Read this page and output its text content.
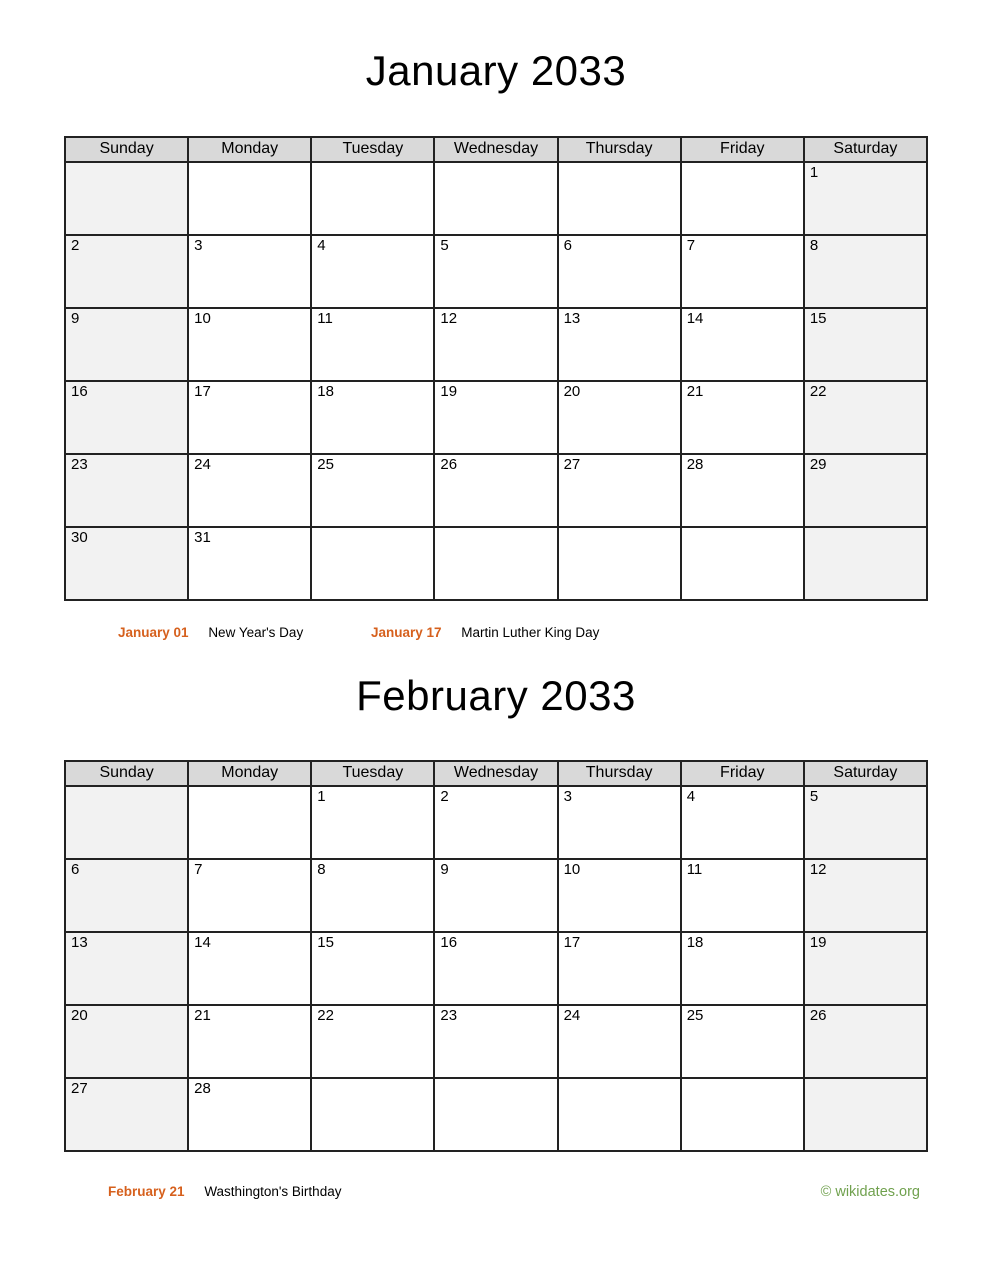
January 2033
Sunday	Monday	Tuesday	Wednesday	Thursday	Friday	Saturday
						1
2	3	4	5	6	7	8
9	10	11	12	13	14	15
16	17	18	19	20	21	22
23	24	25	26	27	28	29
30	31					
January 01 New Year's Day	January 17 Martin Luther King Day
February 2033
Sunday	Monday	Tuesday	Wednesday	Thursday	Friday	Saturday
		1	2	3	4	5
6	7	8	9	10	11	12
13	14	15	16	17	18	19
20	21	22	23	24	25	26
27	28					
February 21 Wasthington's Birthday	© wikidates.org
